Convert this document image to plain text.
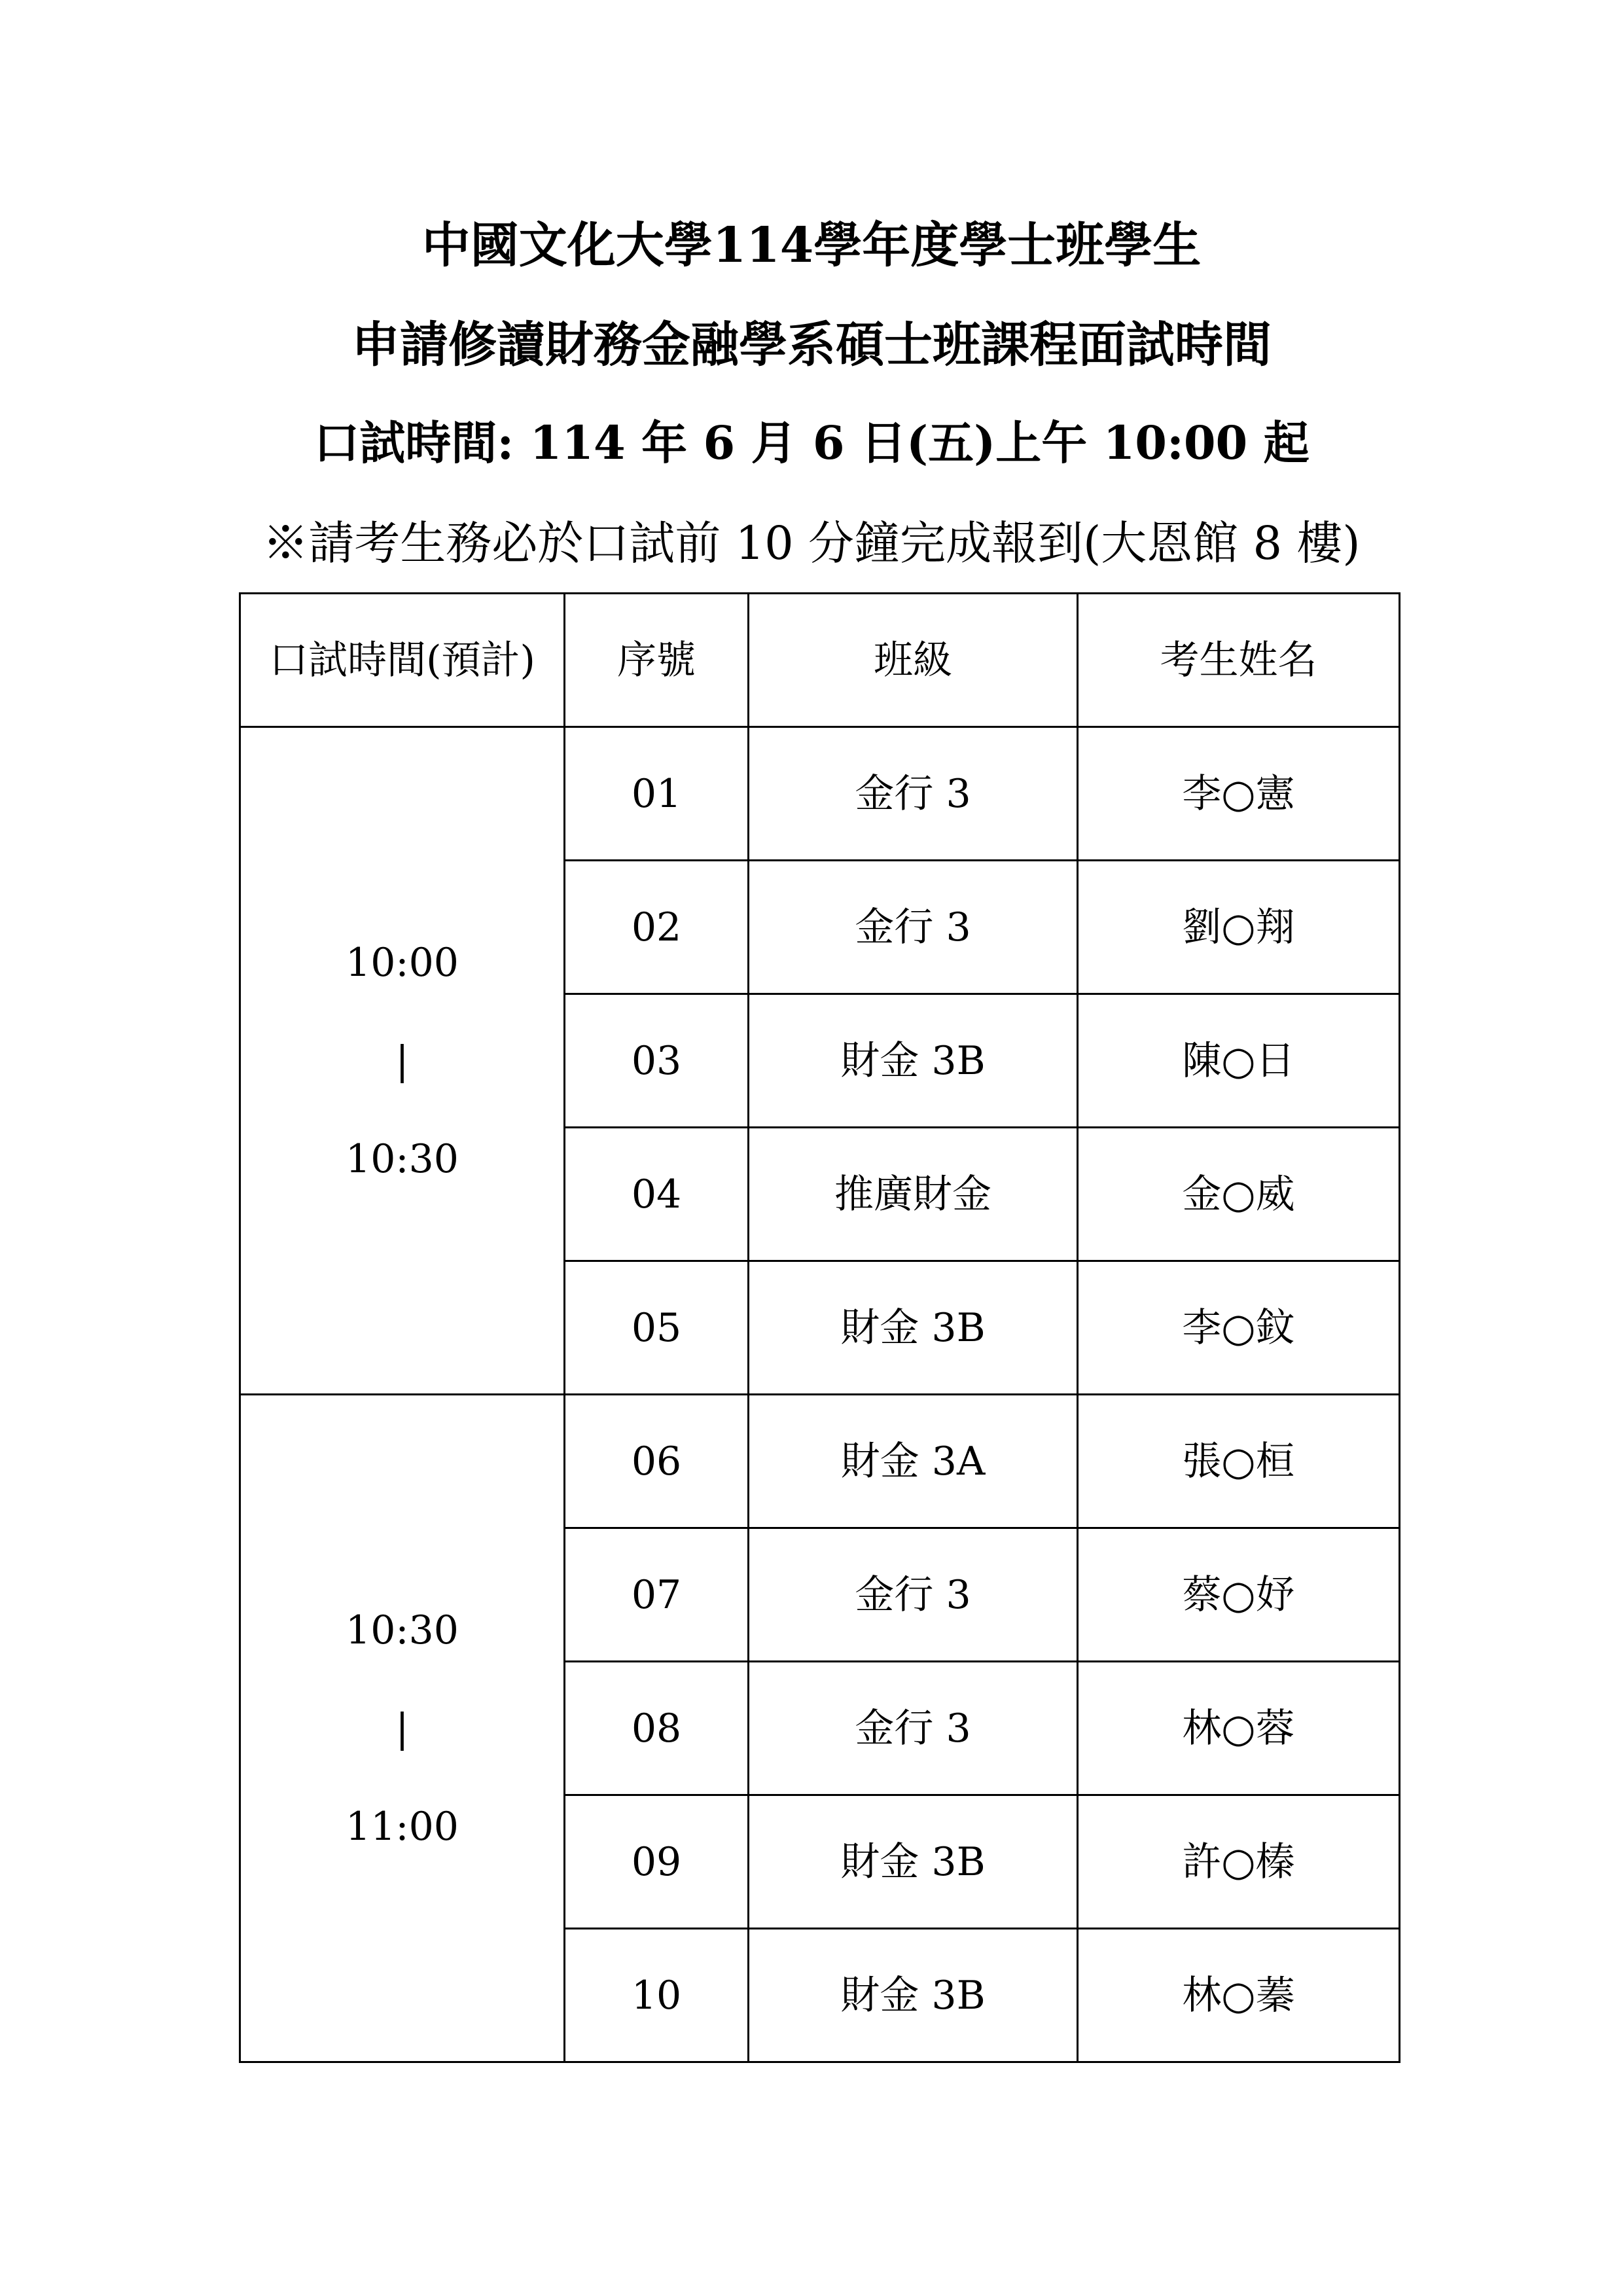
中國文化大學114學年度學士班學生
申請修讀財務金融學系碩士班課程面試時間
口試時間: 114 年 6 月 6 日(五)上午 10:00 起
※請考生務必於口試前 10 分鐘完成報到(大恩館 8 樓)
口試時間(預計)	序號	班級	考生姓名

10:00
|
10:30	01	金行 3	李○憲
	02	金行 3	劉○翔
	03	財金 3B	陳○日
	04	推廣財金	金○威
	05	財金 3B	李○鈫

10:30
|
11:00	06	財金 3A	張○桓
	07	金行 3	蔡○妤
	08	金行 3	林○蓉
	09	財金 3B	許○榛
	10	財金 3B	林○蓁
